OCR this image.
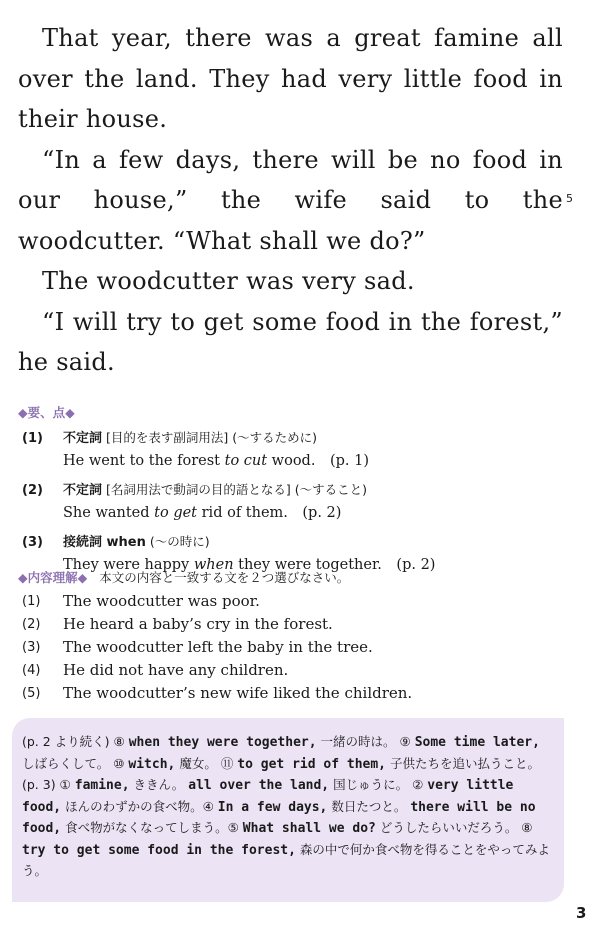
That year, there was a great famine all over the land. They had very little food in their house.

“In a few days, there will be no food in our house,” the wife said to the woodcutter. “What shall we do?”

The woodcutter was very sad.

“I will try to get some food in the forest,” he said.

5
◆要、点◆
(1)	不定詞 [目的を表す副詞用法] (〜するために)
He went to the forest to cut wood.　(p. 1)
(2)	不定詞 [名詞用法で動詞の目的語となる] (〜すること)
She wanted to get rid of them.　(p. 2)
(3)	接続詞 when (〜の時に)
They were happy when they were together.　(p. 2)
◆内容理解◆ 本文の内容と一致する文を２つ選びなさい。
(1)	The woodcutter was poor.
(2)	He heard a baby’s cry in the forest.
(3)	The woodcutter left the baby in the tree.
(4)	He did not have any children.
(5)	The woodcutter’s new wife liked the children.

(p. 2 より続く) ⑧ when they were together, 一緒の時は。 ⑨ Some time later, しばらくして。 ⑩ witch, 魔女。 ⑪ to get rid of them, 子供たちを追い払うこと。
(p. 3) ① famine, ききん。 all over the land, 国じゅうに。 ② very little food, ほんのわずかの食べ物。④ In a few days, 数日たつと。 there will be no food, 食べ物がなくなってしまう。⑤ What shall we do? どうしたらいいだろう。 ⑧ try to get some food in the forest, 森の中で何か食べ物を得ることをやってみよう。

3
